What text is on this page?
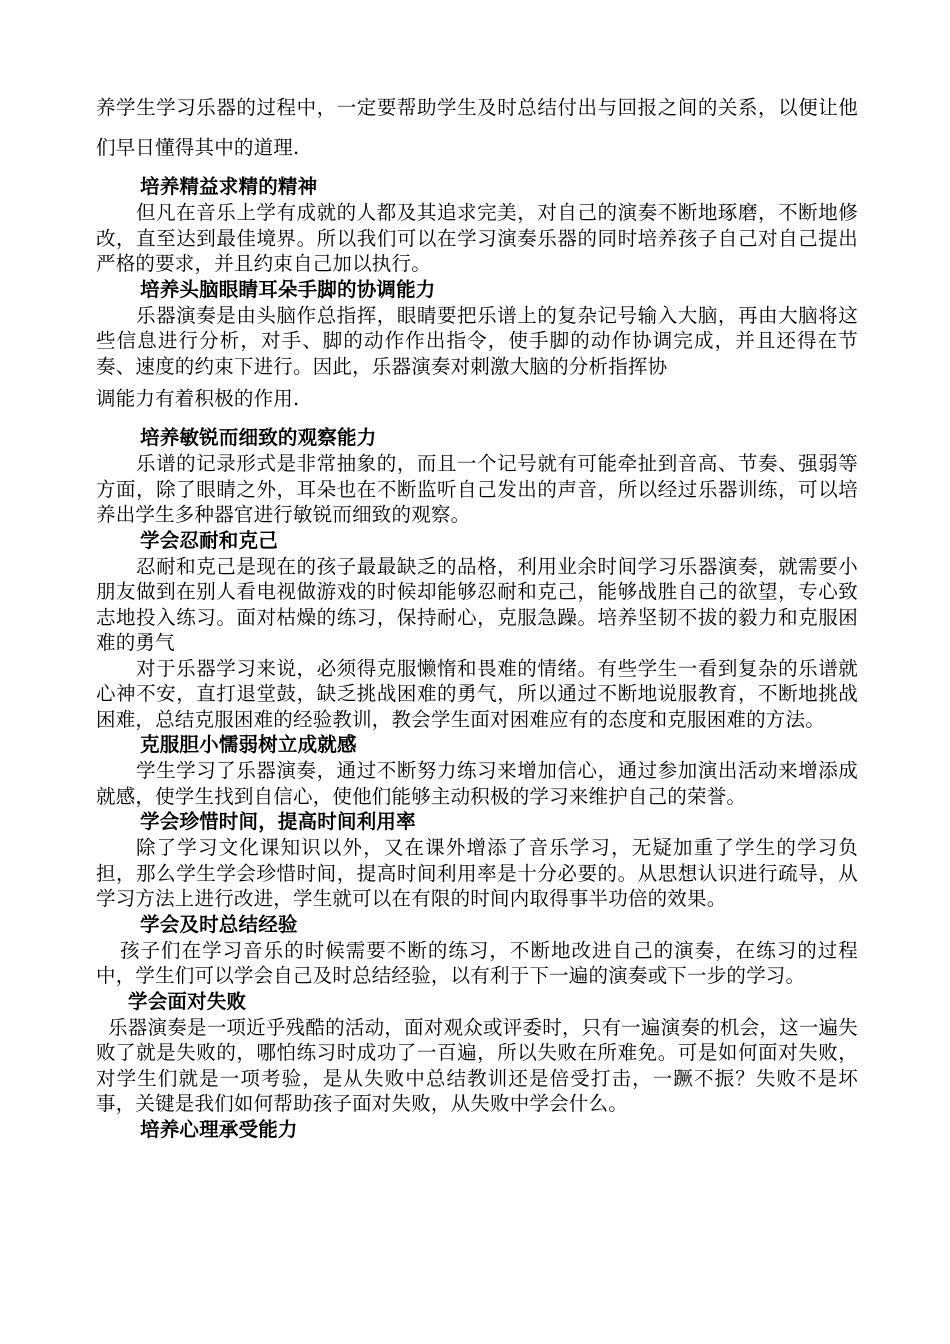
养学生学习乐器的过程中，一定要帮助学生及时总结付出与回报之间的关系，以便让他们早日懂得其中的道理.

培养精益求精的精神

但凡在音乐上学有成就的人都及其追求完美，对自己的演奏不断地琢磨，不断地修改，直至达到最佳境界。所以我们可以在学习演奏乐器的同时培养孩子自己对自己提出严格的要求，并且约束自己加以执行。

培养头脑眼睛耳朵手脚的协调能力

乐器演奏是由头脑作总指挥，眼睛要把乐谱上的复杂记号输入大脑，再由大脑将这些信息进行分析，对手、脚的动作作出指令，使手脚的动作协调完成，并且还得在节奏、速度的约束下进行。因此，乐器演奏对刺激大脑的分析指挥协

调能力有着积极的作用.

培养敏锐而细致的观察能力

乐谱的记录形式是非常抽象的，而且一个记号就有可能牵扯到音高、节奏、强弱等方面，除了眼睛之外，耳朵也在不断监听自己发出的声音，所以经过乐器训练，可以培养出学生多种器官进行敏锐而细致的观察。

学会忍耐和克己

忍耐和克己是现在的孩子最最缺乏的品格，利用业余时间学习乐器演奏，就需要小朋友做到在别人看电视做游戏的时候却能够忍耐和克己，能够战胜自己的欲望，专心致志地投入练习。面对枯燥的练习，保持耐心，克服急躁。培养坚韧不拔的毅力和克服困难的勇气

对于乐器学习来说，必须得克服懒惰和畏难的情绪。有些学生一看到复杂的乐谱就心神不安，直打退堂鼓，缺乏挑战困难的勇气，所以通过不断地说服教育，不断地挑战困难，总结克服困难的经验教训，教会学生面对困难应有的态度和克服困难的方法。

克服胆小懦弱树立成就感

学生学习了乐器演奏，通过不断努力练习来增加信心，通过参加演出活动来增添成就感，使学生找到自信心，使他们能够主动积极的学习来维护自己的荣誉。

学会珍惜时间，提高时间利用率

除了学习文化课知识以外，又在课外增添了音乐学习，无疑加重了学生的学习负担，那么学生学会珍惜时间，提高时间利用率是十分必要的。从思想认识进行疏导，从学习方法上进行改进，学生就可以在有限的时间内取得事半功倍的效果。

学会及时总结经验

孩子们在学习音乐的时候需要不断的练习，不断地改进自己的演奏，在练习的过程中，学生们可以学会自己及时总结经验，以有利于下一遍的演奏或下一步的学习。

学会面对失败

乐器演奏是一项近乎残酷的活动，面对观众或评委时，只有一遍演奏的机会，这一遍失败了就是失败的，哪怕练习时成功了一百遍，所以失败在所难免。可是如何面对失败，对学生们就是一项考验，是从失败中总结教训还是倍受打击，一蹶不振？失败不是坏事，关键是我们如何帮助孩子面对失败，从失败中学会什么。

培养心理承受能力
